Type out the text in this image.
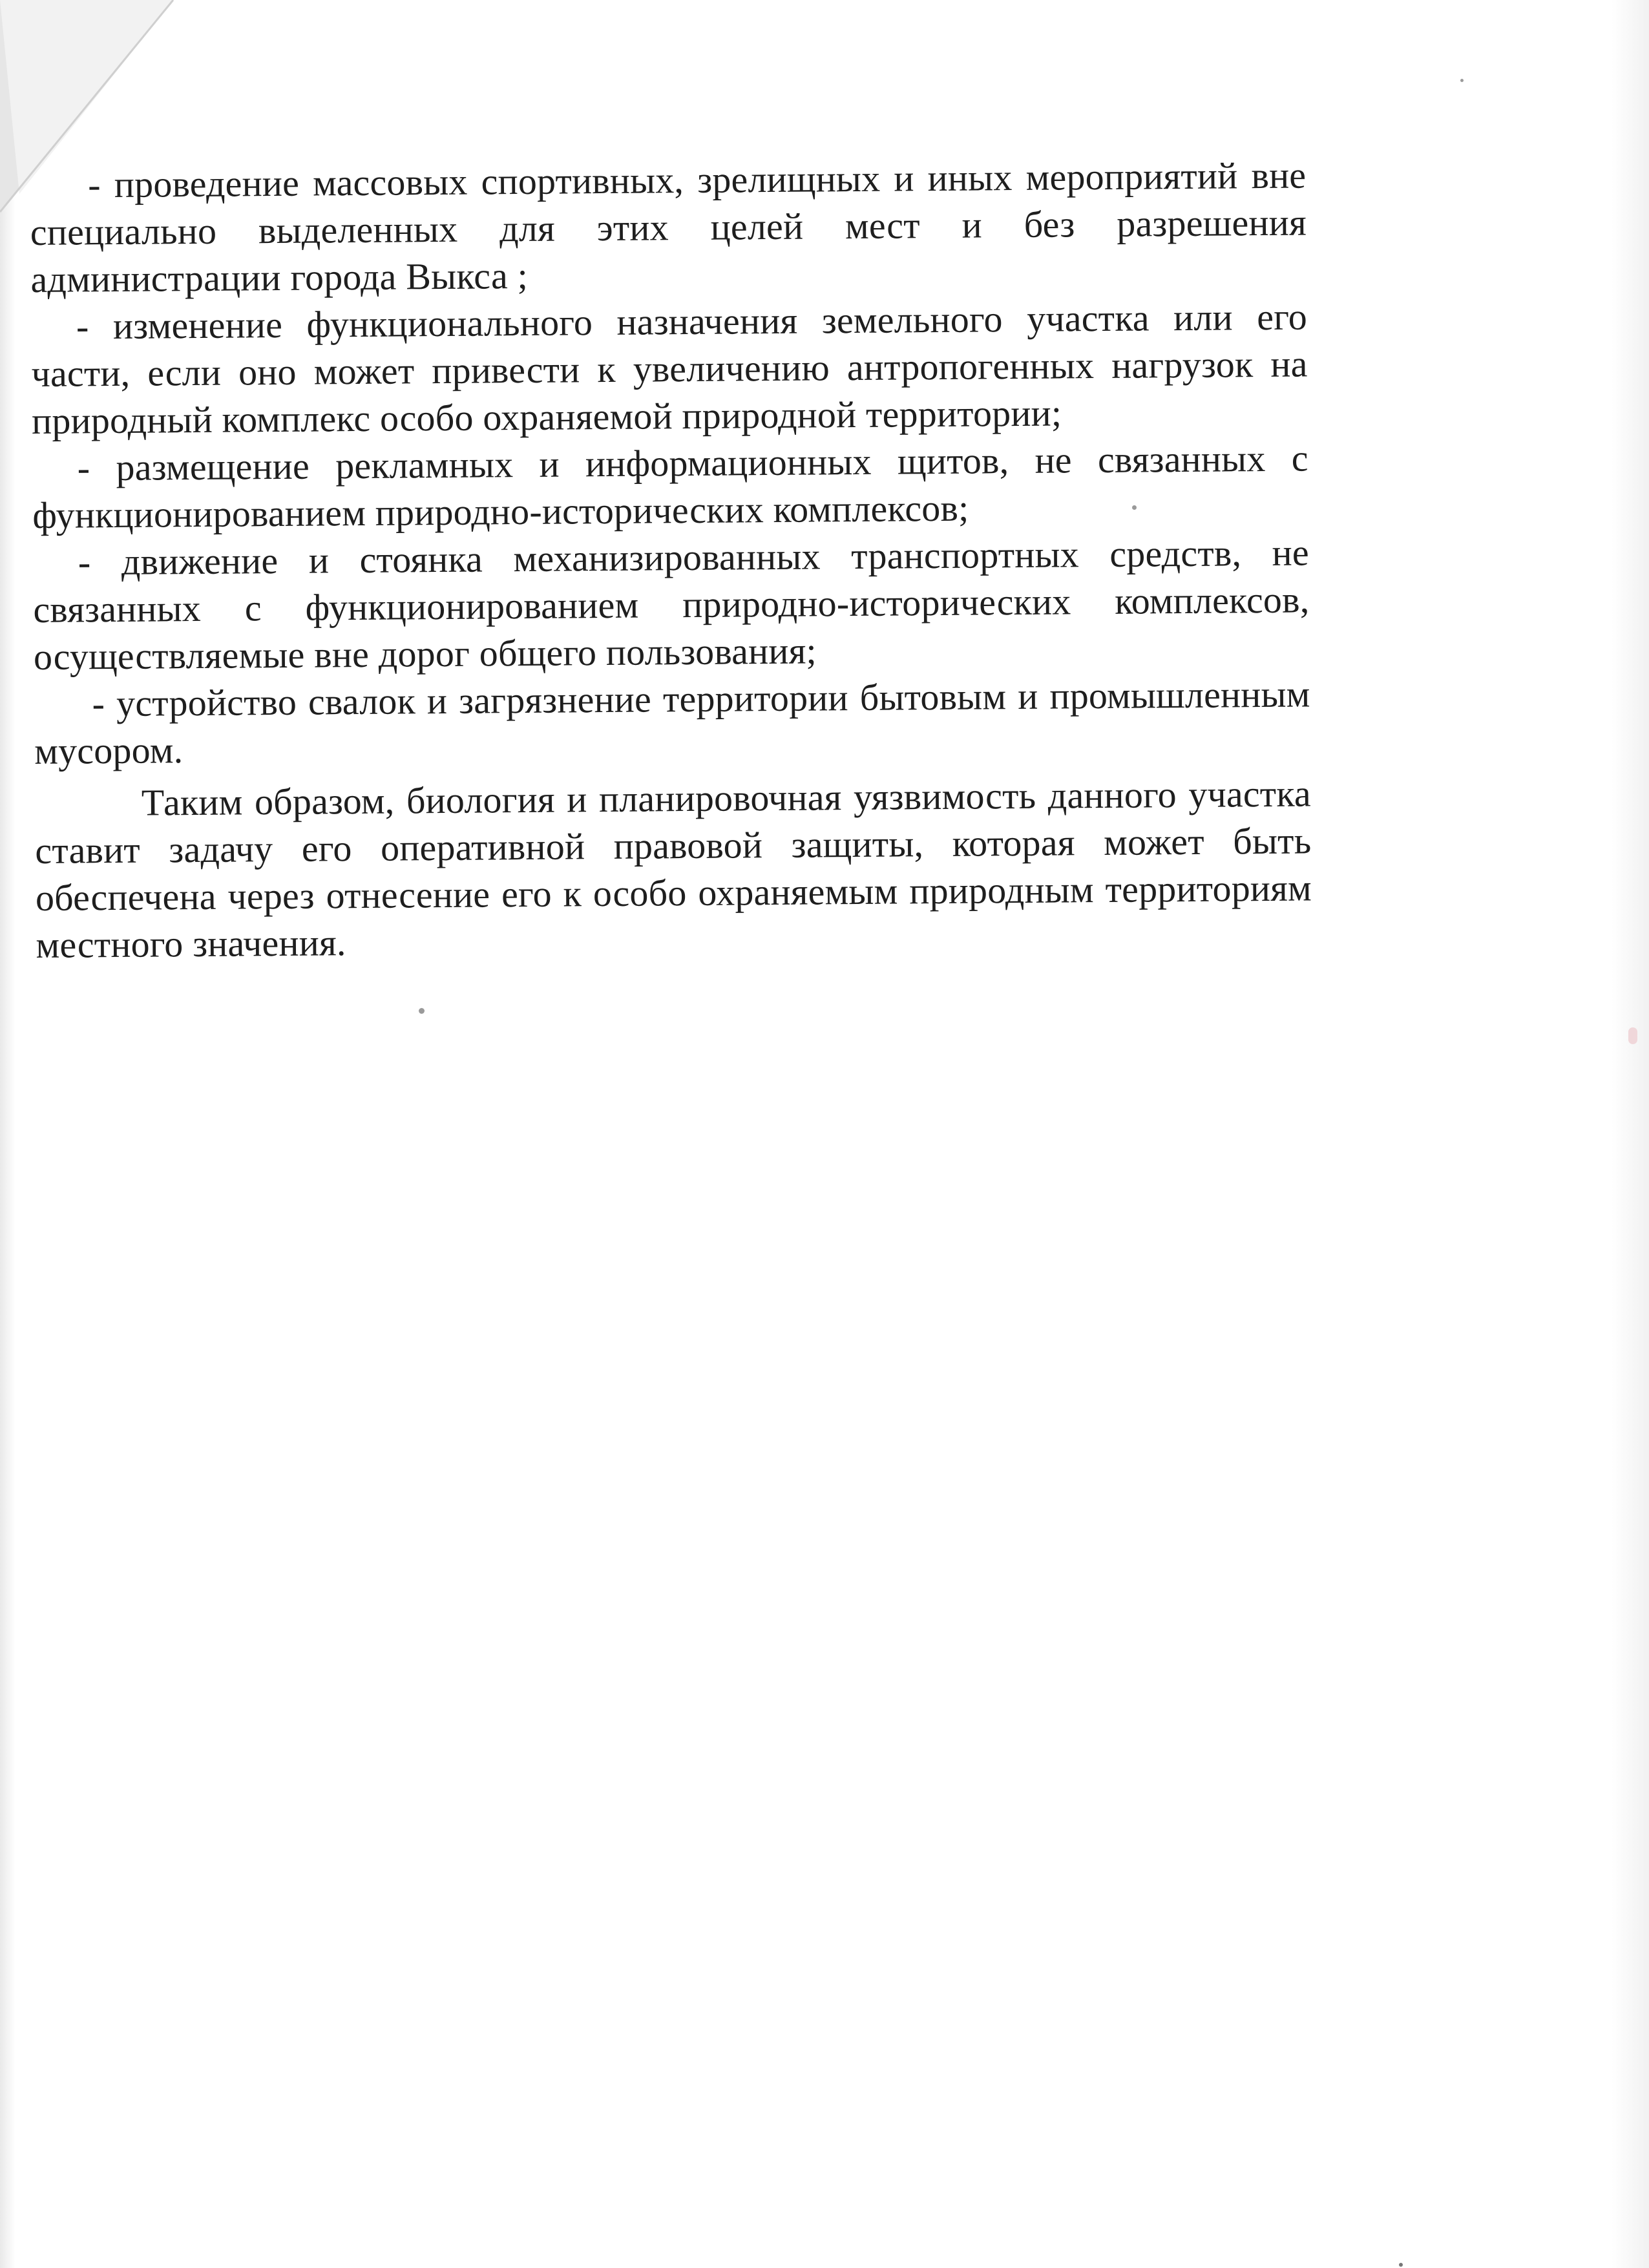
- проведение массовых спортивных, зрелищных и иных мероприятий вне специально выделенных для этих целей мест и без разрешения администрации города Выкса ;

- изменение функционального назначения земельного участка или его части, если оно может привести к увеличению антропогенных нагрузок на природный комплекс особо охраняемой природной территории;

- размещение рекламных и информационных щитов, не связанных с функционированием природно-исторических комплексов;

- движение и стоянка механизированных транспортных средств, не связанных с функционированием природно-исторических комплексов, осуществляемые вне дорог общего пользования;

- устройство свалок и загрязнение территории бытовым и промышленным мусором.

Таким образом, биология и планировочная уязвимость данного участка ставит задачу его оперативной правовой защиты, которая может быть обеспечена через отнесение его к особо охраняемым природным территориям местного значения.
